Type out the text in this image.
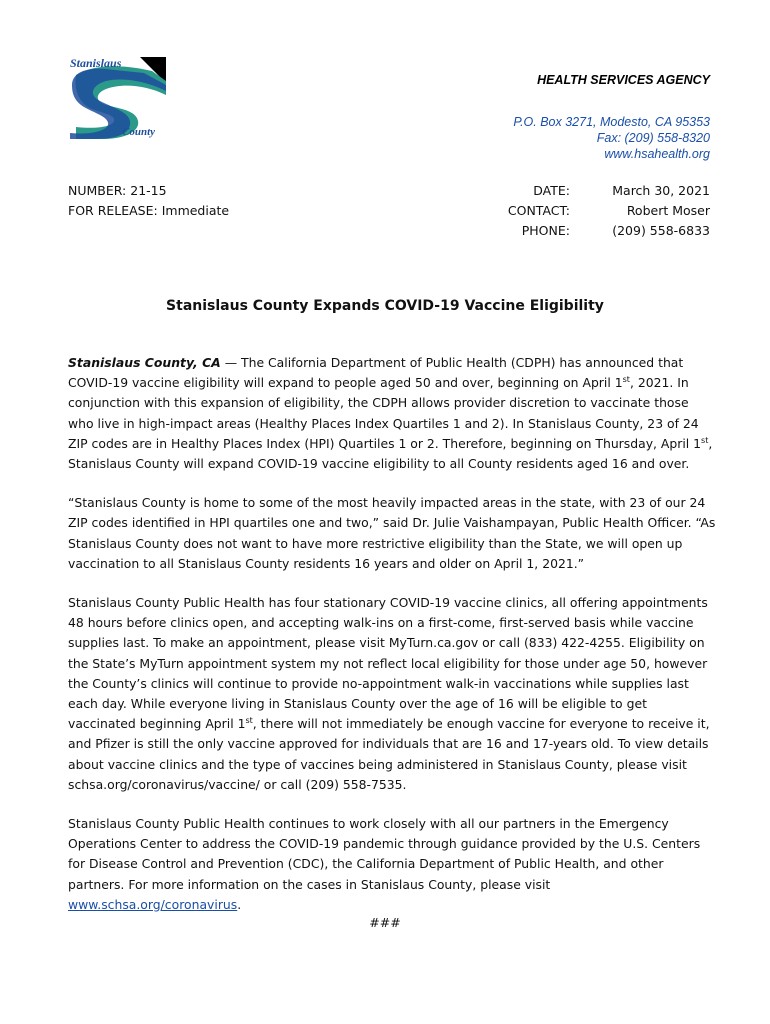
Stanislaus
County
HEALTH SERVICES AGENCY
P.O. Box 3271, Modesto, CA 95353
Fax: (209) 558-8320
www.hsahealth.org
NUMBER: 21-15
FOR RELEASE: Immediate
DATE:
CONTACT:
PHONE:
March 30, 2021
Robert Moser
(209) 558-6833
Stanislaus County Expands COVID-19 Vaccine Eligibility

Stanislaus County, CA — The California Department of Public Health (CDPH) has announced that COVID-19 vaccine eligibility will expand to people aged 50 and over, beginning on April 1st, 2021. In conjunction with this expansion of eligibility, the CDPH allows provider discretion to vaccinate those who live in high-impact areas (Healthy Places Index Quartiles 1 and 2). In Stanislaus County, 23 of 24 ZIP codes are in Healthy Places Index (HPI) Quartiles 1 or 2. Therefore, beginning on Thursday, April 1st, Stanislaus County will expand COVID-19 vaccine eligibility to all County residents aged 16 and over.

“Stanislaus County is home to some of the most heavily impacted areas in the state, with 23 of our 24 ZIP codes identified in HPI quartiles one and two,” said Dr. Julie Vaishampayan, Public Health Officer. “As Stanislaus County does not want to have more restrictive eligibility than the State, we will open up vaccination to all Stanislaus County residents 16 years and older on April 1, 2021.”

Stanislaus County Public Health has four stationary COVID-19 vaccine clinics, all offering appointments 48 hours before clinics open, and accepting walk-ins on a first-come, first-served basis while vaccine supplies last. To make an appointment, please visit MyTurn.ca.gov or call (833) 422-4255. Eligibility on the State’s MyTurn appointment system my not reflect local eligibility for those under age 50, however the County’s clinics will continue to provide no-appointment walk-in vaccinations while supplies last each day. While everyone living in Stanislaus County over the age of 16 will be eligible to get vaccinated beginning April 1st, there will not immediately be enough vaccine for everyone to receive it, and Pfizer is still the only vaccine approved for individuals that are 16 and 17-years old. To view details about vaccine clinics and the type of vaccines being administered in Stanislaus County, please visit schsa.org/coronavirus/vaccine/ or call (209) 558-7535.

Stanislaus County Public Health continues to work closely with all our partners in the Emergency Operations Center to address the COVID-19 pandemic through guidance provided by the U.S. Centers for Disease Control and Prevention (CDC), the California Department of Public Health, and other partners. For more information on the cases in Stanislaus County, please visit www.schsa.org/coronavirus.

###
